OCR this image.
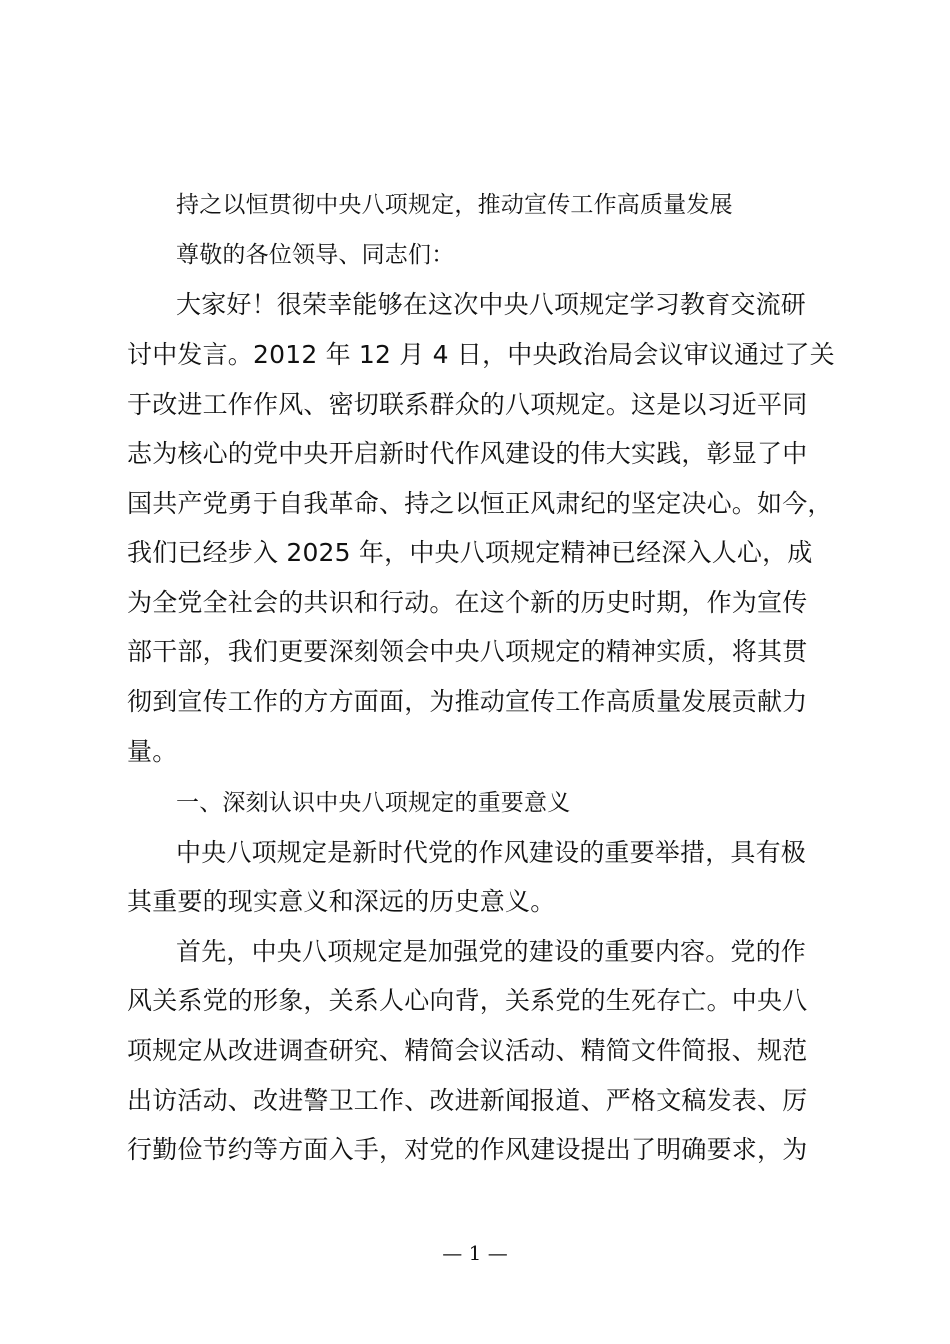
持之以恒贯彻中央八项规定，推动宣传工作高质量发展
尊敬的各位领导、同志们：
大家好！很荣幸能够在这次中央八项规定学习教育交流研
讨中发言。2012 年 12 月 4 日，中央政治局会议审议通过了关
于改进工作作风、密切联系群众的八项规定。这是以习近平同
志为核心的党中央开启新时代作风建设的伟大实践，彰显了中
国共产党勇于自我革命、持之以恒正风肃纪的坚定决心。如今，
我们已经步入 2025 年，中央八项规定精神已经深入人心，成
为全党全社会的共识和行动。在这个新的历史时期，作为宣传
部干部，我们更要深刻领会中央八项规定的精神实质，将其贯
彻到宣传工作的方方面面，为推动宣传工作高质量发展贡献力
量。
一、深刻认识中央八项规定的重要意义
中央八项规定是新时代党的作风建设的重要举措，具有极
其重要的现实意义和深远的历史意义。
首先，中央八项规定是加强党的建设的重要内容。党的作
风关系党的形象，关系人心向背，关系党的生死存亡。中央八
项规定从改进调查研究、精简会议活动、精简文件简报、规范
出访活动、改进警卫工作、改进新闻报道、严格文稿发表、厉
行勤俭节约等方面入手，对党的作风建设提出了明确要求，为
— 1 —
